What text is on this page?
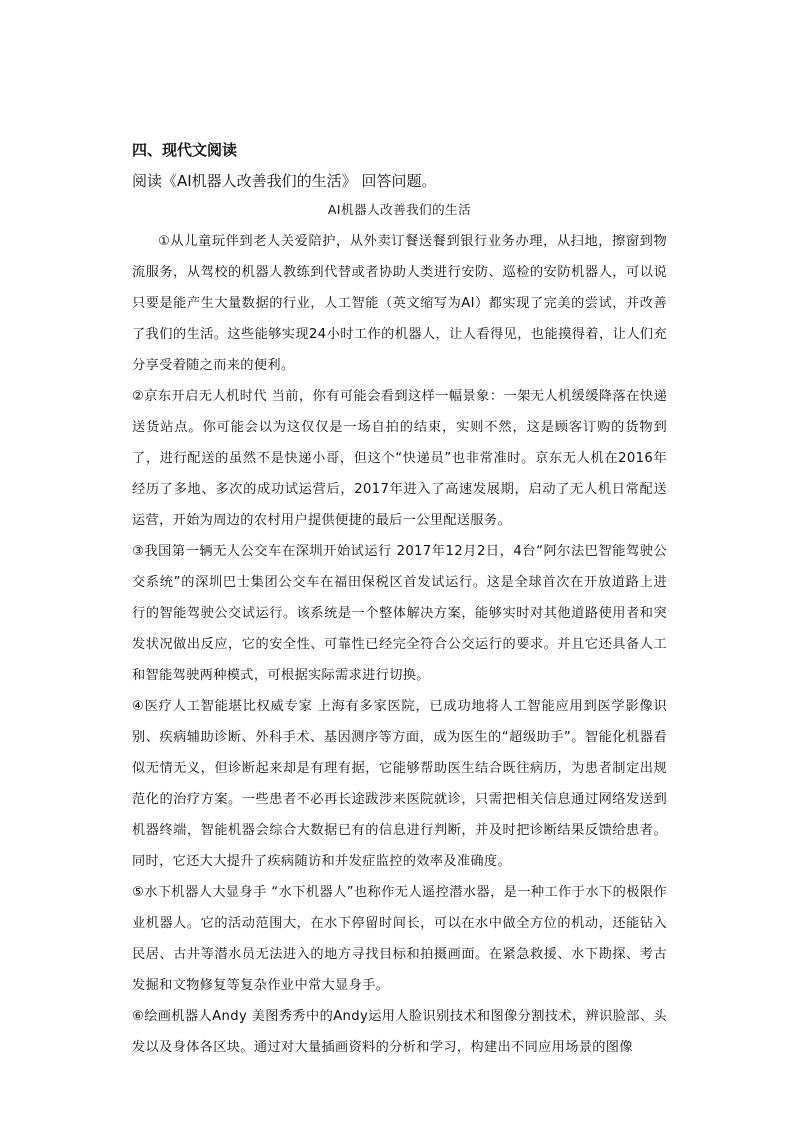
四、现代文阅读
阅读《AI机器人改善我们的生活》 回答问题。
AI机器人改善我们的生活

①从儿童玩伴到老人关爱陪护，从外卖订餐送餐到银行业务办理，从扫地，擦窗到物流服务，从驾校的机器人教练到代替或者协助人类进行安防、巡检的安防机器人，可以说只要是能产生大量数据的行业，人工智能（英文缩写为AI）都实现了完美的尝试，并改善了我们的生活。这些能够实现24小时工作的机器人，让人看得见，也能摸得着，让人们充分享受着随之而来的便利。

②京东开启无人机时代 当前，你有可能会看到这样一幅景象：一架无人机缓缓降落在快递送货站点。你可能会以为这仅仅是一场自拍的结束，实则不然，这是顾客订购的货物到了，进行配送的虽然不是快递小哥，但这个“快递员”也非常准时。京东无人机在2016年经历了多地、多次的成功试运营后，2017年进入了高速发展期，启动了无人机日常配送运营，开始为周边的农村用户提供便捷的最后一公里配送服务。

③我国第一辆无人公交车在深圳开始试运行 2017年12月2日，4台“阿尔法巴智能驾驶公交系统”的深圳巴士集团公交车在福田保税区首发试运行。这是全球首次在开放道路上进行的智能驾驶公交试运行。该系统是一个整体解决方案，能够实时对其他道路使用者和突发状况做出反应，它的安全性、可靠性已经完全符合公交运行的要求。并且它还具备人工和智能驾驶两种模式，可根据实际需求进行切换。

④医疗人工智能堪比权威专家 上海有多家医院，已成功地将人工智能应用到医学影像识别、疾病辅助诊断、外科手术、基因测序等方面，成为医生的“超级助手”。智能化机器看似无情无义，但诊断起来却是有理有据，它能够帮助医生结合既往病历，为患者制定出规范化的治疗方案。一些患者不必再长途跋涉来医院就诊，只需把相关信息通过网络发送到机器终端，智能机器会综合大数据已有的信息进行判断，并及时把诊断结果反馈给患者。同时，它还大大提升了疾病随访和并发症监控的效率及准确度。

⑤水下机器人大显身手 “水下机器人”也称作无人遥控潜水器，是一种工作于水下的极限作业机器人。它的活动范围大，在水下停留时间长，可以在水中做全方位的机动，还能钻入民居、古井等潜水员无法进入的地方寻找目标和拍摄画面。在紧急救援、水下勘探、考古发掘和文物修复等复杂作业中常大显身手。

⑥绘画机器人Andy 美图秀秀中的Andy运用人脸识别技术和图像分割技术，辨识脸部、头发以及身体各区块。通过对大量插画资料的分析和学习，构建出不同应用场景的图像
